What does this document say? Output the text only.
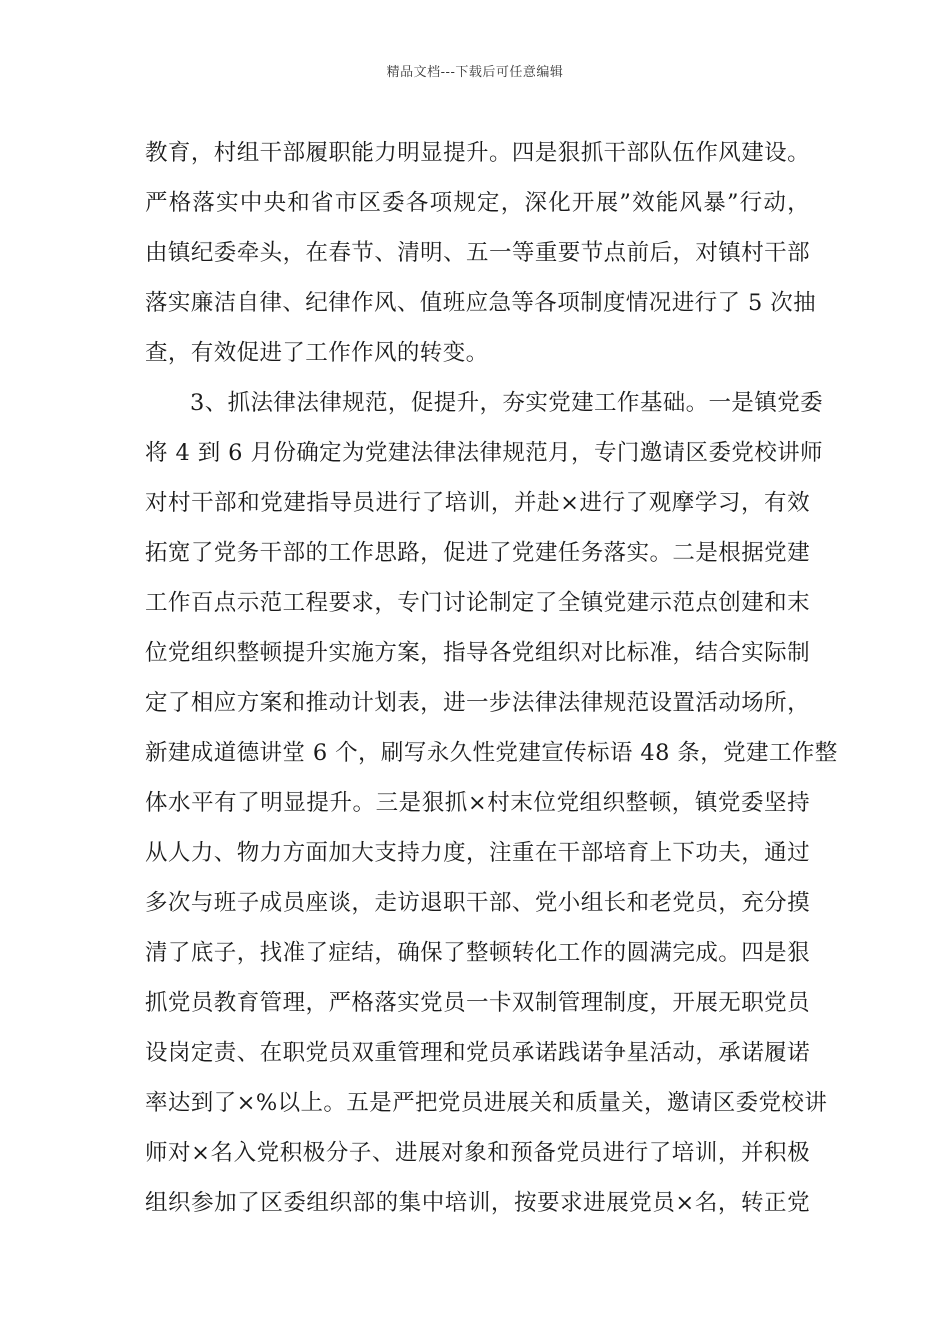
精品文档---下载后可任意编辑
教育，村组干部履职能力明显提升。四是狠抓干部队伍作风建设。
严格落实中央和省市区委各项规定，深化开展”效能风暴”行动，
由镇纪委牵头，在春节、清明、五一等重要节点前后，对镇村干部
落实廉洁自律、纪律作风、值班应急等各项制度情况进行了 5 次抽
查，有效促进了工作作风的转变。
3、抓法律法律规范，促提升，夯实党建工作基础。一是镇党委
将 4 到 6 月份确定为党建法律法律规范月，专门邀请区委党校讲师
对村干部和党建指导员进行了培训，并赴×进行了观摩学习，有效
拓宽了党务干部的工作思路，促进了党建任务落实。二是根据党建
工作百点示范工程要求，专门讨论制定了全镇党建示范点创建和末
位党组织整顿提升实施方案，指导各党组织对比标准，结合实际制
定了相应方案和推动计划表，进一步法律法律规范设置活动场所，
新建成道德讲堂 6 个，刷写永久性党建宣传标语 48 条，党建工作整
体水平有了明显提升。三是狠抓×村末位党组织整顿，镇党委坚持
从人力、物力方面加大支持力度，注重在干部培育上下功夫，通过
多次与班子成员座谈，走访退职干部、党小组长和老党员，充分摸
清了底子，找准了症结，确保了整顿转化工作的圆满完成。四是狠
抓党员教育管理，严格落实党员一卡双制管理制度，开展无职党员
设岗定责、在职党员双重管理和党员承诺践诺争星活动，承诺履诺
率达到了×%以上。五是严把党员进展关和质量关，邀请区委党校讲
师对×名入党积极分子、进展对象和预备党员进行了培训，并积极
组织参加了区委组织部的集中培训，按要求进展党员×名，转正党
